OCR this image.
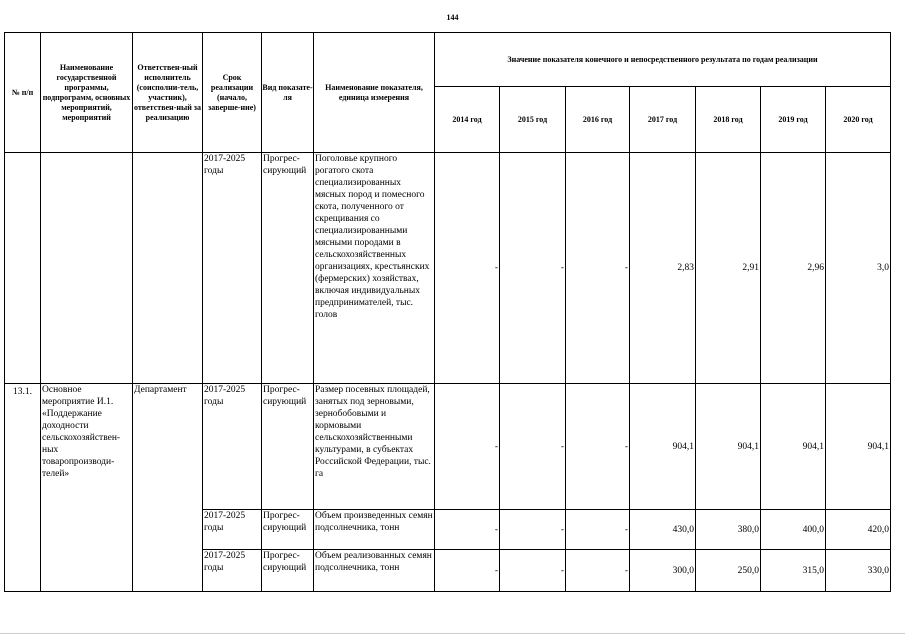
144
№ п/п	Наименование государственной программы, подпрограмм, основных мероприятий, мероприятий	Ответствен-ный исполнитель (соисполни-тель, участник), ответствен-ный за реализацию	Срок реализации (начало, заверше-ние)	Вид показате-ля	Наименование показателя, единица измерения	Значение показателя конечного и непосредственного результата по годам реализации						
						2014 год	2015 год	2016 год	2017 год	2018 год	2019 год	2020 год
			2017-2025 годы	Прогрес-сирующий	Поголовье крупного рогатого скота специализированных мясных пород и помесного скота, полученного от скрещивания со специализированными мясными породами в сельскохозяйственных организациях, крестьянских (фермерских) хозяйствах, включая индивидуальных предпринимателей, тыс. голов	-	-	-	2,83	2,91	2,96	3,0
13.1.	Основное мероприятие И.1. «Поддержание доходности сельскохозяйствен-ных товаропроизводи-телей»	Департамент	2017-2025 годы	Прогрес-сирующий	Размер посевных площадей, занятых под зерновыми, зернобобовыми и кормовыми сельскохозяйственными культурами, в субъектах Российской Федерации, тыс. га	-	-	-	904,1	904,1	904,1	904,1
			2017-2025 годы	Прогрес-сирующий	Объем произведенных семян подсолнечника, тонн	-	-	-	430,0	380,0	400,0	420,0
			2017-2025 годы	Прогрес-сирующий	Объем реализованных семян подсолнечника, тонн	-	-	-	300,0	250,0	315,0	330,0
